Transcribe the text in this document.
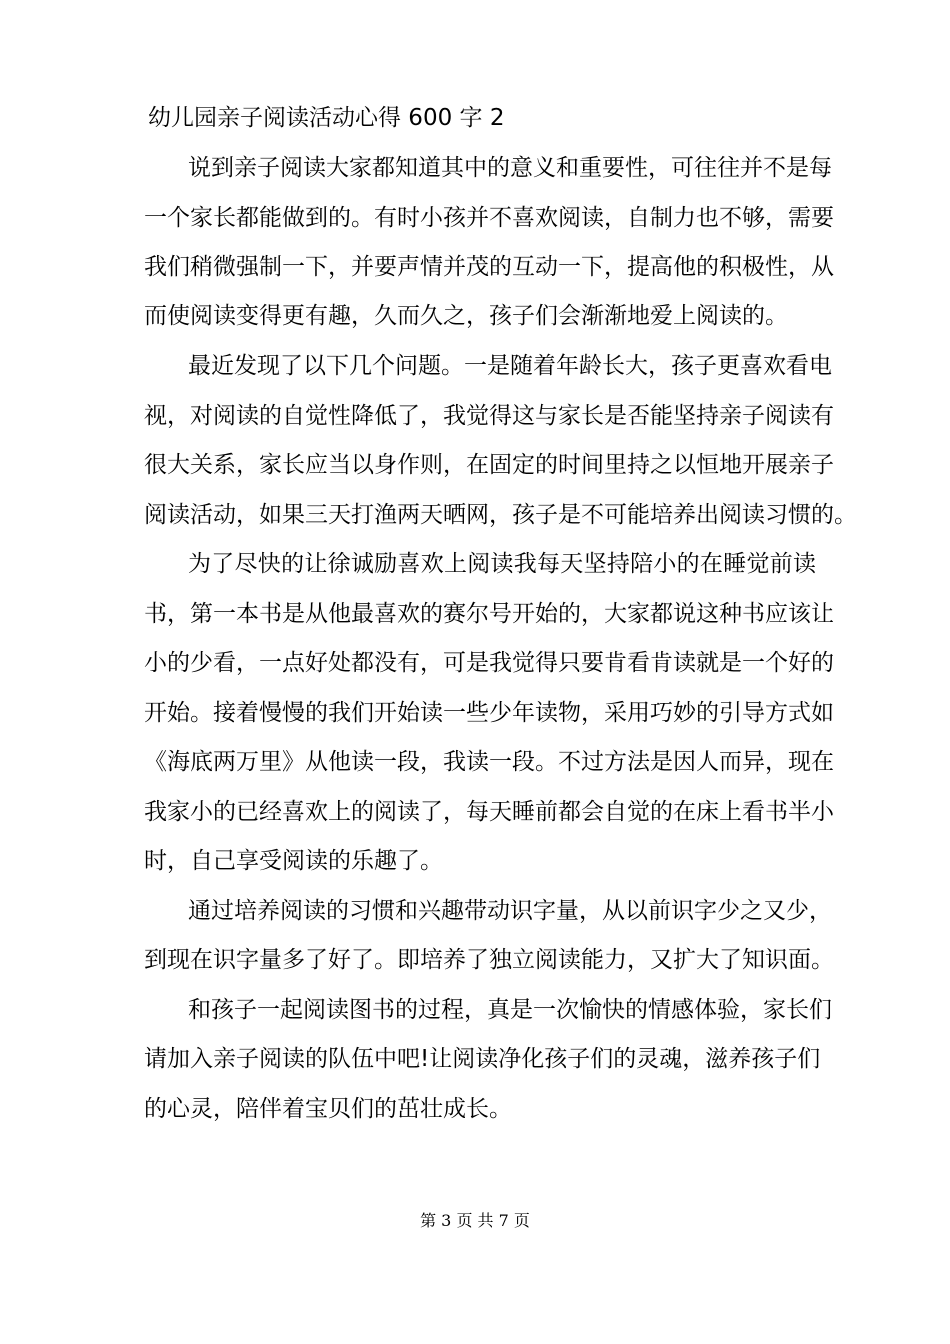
幼儿园亲子阅读活动心得 600 字 2
说到亲子阅读大家都知道其中的意义和重要性，可往往并不是每
一个家长都能做到的。有时小孩并不喜欢阅读，自制力也不够，需要
我们稍微强制一下，并要声情并茂的互动一下，提高他的积极性，从
而使阅读变得更有趣，久而久之，孩子们会渐渐地爱上阅读的。
最近发现了以下几个问题。一是随着年龄长大，孩子更喜欢看电
视，对阅读的自觉性降低了，我觉得这与家长是否能坚持亲子阅读有
很大关系，家长应当以身作则，在固定的时间里持之以恒地开展亲子
阅读活动，如果三天打渔两天晒网，孩子是不可能培养出阅读习惯的。
为了尽快的让徐诚励喜欢上阅读我每天坚持陪小的在睡觉前读
书，第一本书是从他最喜欢的赛尔号开始的，大家都说这种书应该让
小的少看，一点好处都没有，可是我觉得只要肯看肯读就是一个好的
开始。接着慢慢的我们开始读一些少年读物，采用巧妙的引导方式如
《海底两万里》从他读一段，我读一段。不过方法是因人而异，现在
我家小的已经喜欢上的阅读了，每天睡前都会自觉的在床上看书半小
时，自己享受阅读的乐趣了。
通过培养阅读的习惯和兴趣带动识字量，从以前识字少之又少，
到现在识字量多了好了。即培养了独立阅读能力，又扩大了知识面。
和孩子一起阅读图书的过程，真是一次愉快的情感体验，家长们
请加入亲子阅读的队伍中吧!让阅读净化孩子们的灵魂，滋养孩子们
的心灵，陪伴着宝贝们的茁壮成长。
第 3 页 共 7 页
